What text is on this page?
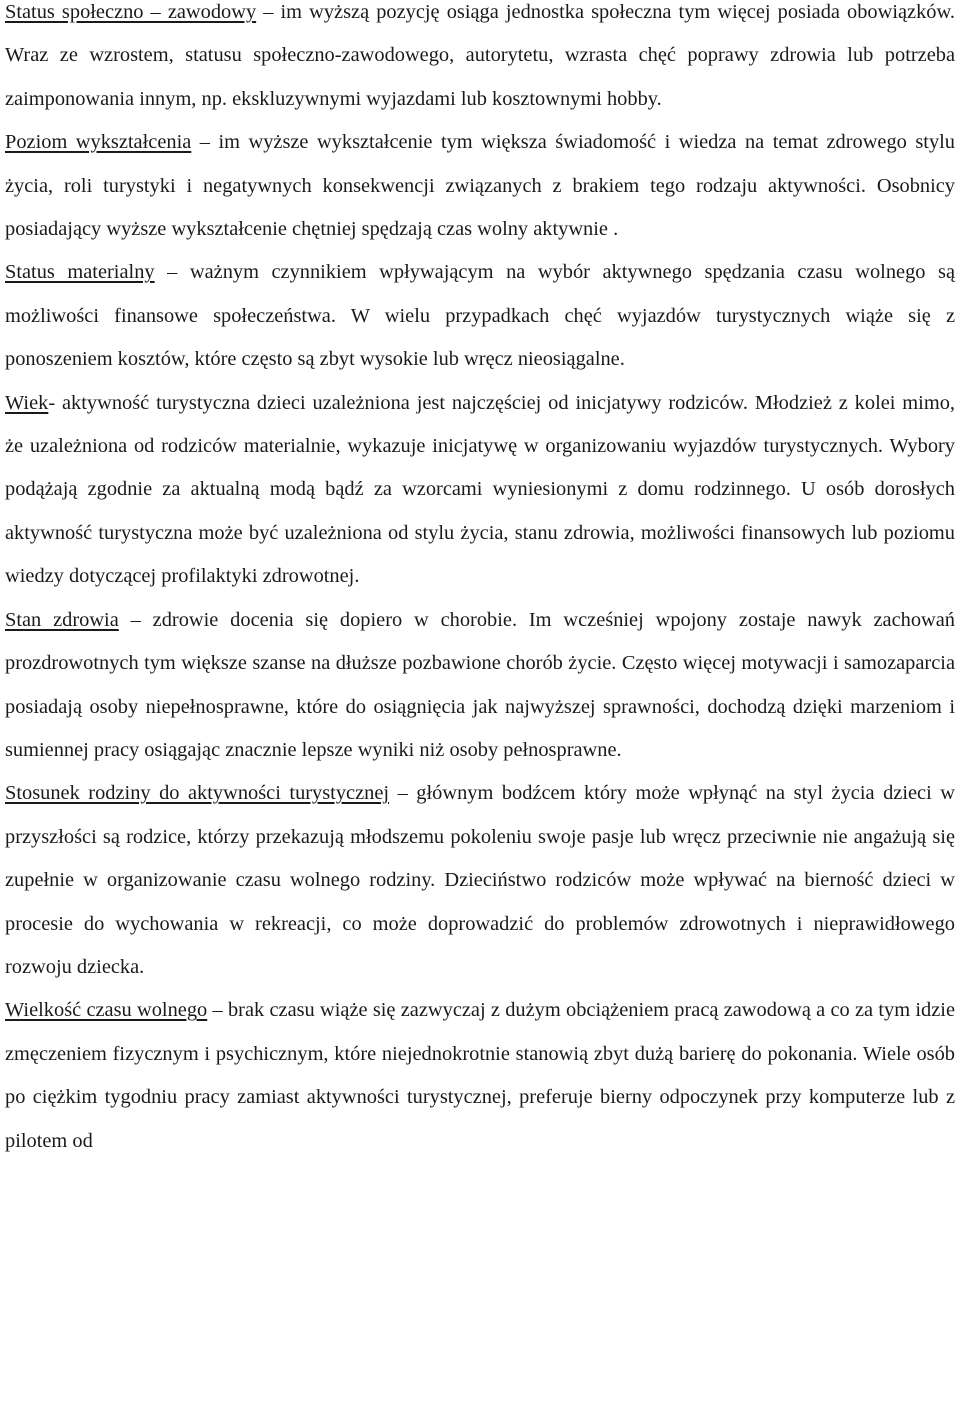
Status społeczno – zawodowy – im wyższą pozycję osiąga jednostka społeczna tym więcej posiada obowiązków. Wraz ze wzrostem, statusu społeczno-zawodowego, autorytetu, wzrasta chęć poprawy zdrowia lub potrzeba zaimponowania innym, np. ekskluzywnymi wyjazdami lub kosztownymi hobby.

Poziom wykształcenia – im wyższe wykształcenie tym większa świadomość i wiedza na temat zdrowego stylu życia, roli turystyki i negatywnych konsekwencji związanych z brakiem tego rodzaju aktywności. Osobnicy posiadający wyższe wykształcenie chętniej spędzają czas wolny aktywnie .

Status materialny – ważnym czynnikiem wpływającym na wybór aktywnego spędzania czasu wolnego są możliwości finansowe społeczeństwa. W wielu przypadkach chęć wyjazdów turystycznych wiąże się z ponoszeniem kosztów, które często są zbyt wysokie lub wręcz nieosiągalne.

Wiek- aktywność turystyczna dzieci uzależniona jest najczęściej od inicjatywy rodziców. Młodzież z kolei mimo, że uzależniona od rodziców materialnie, wykazuje inicjatywę w organizowaniu wyjazdów turystycznych. Wybory podążają zgodnie za aktualną modą bądź za wzorcami wyniesionymi z domu rodzinnego. U osób dorosłych aktywność turystyczna może być uzależniona od stylu życia, stanu zdrowia, możliwości finansowych lub poziomu wiedzy dotyczącej profilaktyki zdrowotnej.

Stan zdrowia – zdrowie docenia się dopiero w chorobie. Im wcześniej wpojony zostaje nawyk zachowań prozdrowotnych tym większe szanse na dłuższe pozbawione chorób życie. Często więcej motywacji i samozaparcia posiadają osoby niepełnosprawne, które do osiągnięcia jak najwyższej sprawności, dochodzą dzięki marzeniom i sumiennej pracy osiągając znacznie lepsze wyniki niż osoby pełnosprawne.

Stosunek rodziny do aktywności turystycznej – głównym bodźcem który może wpłynąć na styl życia dzieci w przyszłości są rodzice, którzy przekazują młodszemu pokoleniu swoje pasje lub wręcz przeciwnie nie angażują się zupełnie w organizowanie czasu wolnego rodziny. Dzieciństwo rodziców może wpływać na bierność dzieci w procesie do wychowania w rekreacji, co może doprowadzić do problemów zdrowotnych i nieprawidłowego rozwoju dziecka.

Wielkość czasu wolnego – brak czasu wiąże się zazwyczaj z dużym obciążeniem pracą zawodową a co za tym idzie zmęczeniem fizycznym i psychicznym, które niejednokrotnie stanowią zbyt dużą barierę do pokonania. Wiele osób po ciężkim tygodniu pracy zamiast aktywności turystycznej, preferuje bierny odpoczynek przy komputerze lub z pilotem od
